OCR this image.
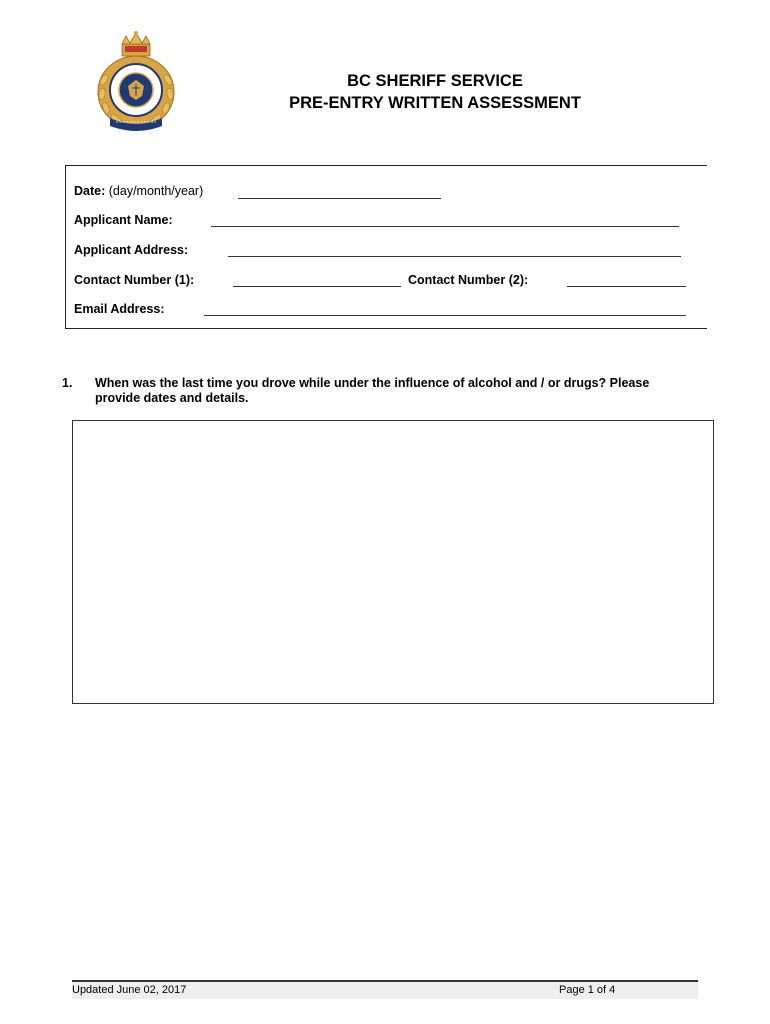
BC SHERIFF SERVICE
PRE-ENTRY WRITTEN ASSESSMENT
Date: (day/month/year)
Applicant Name:
Applicant Address:
Contact Number (1):	Contact Number (2):
Email Address:
1. When was the last time you drove while under the influence of alcohol and / or drugs? Please provide dates and details.
Updated June 02, 2017	Page 1 of 4
